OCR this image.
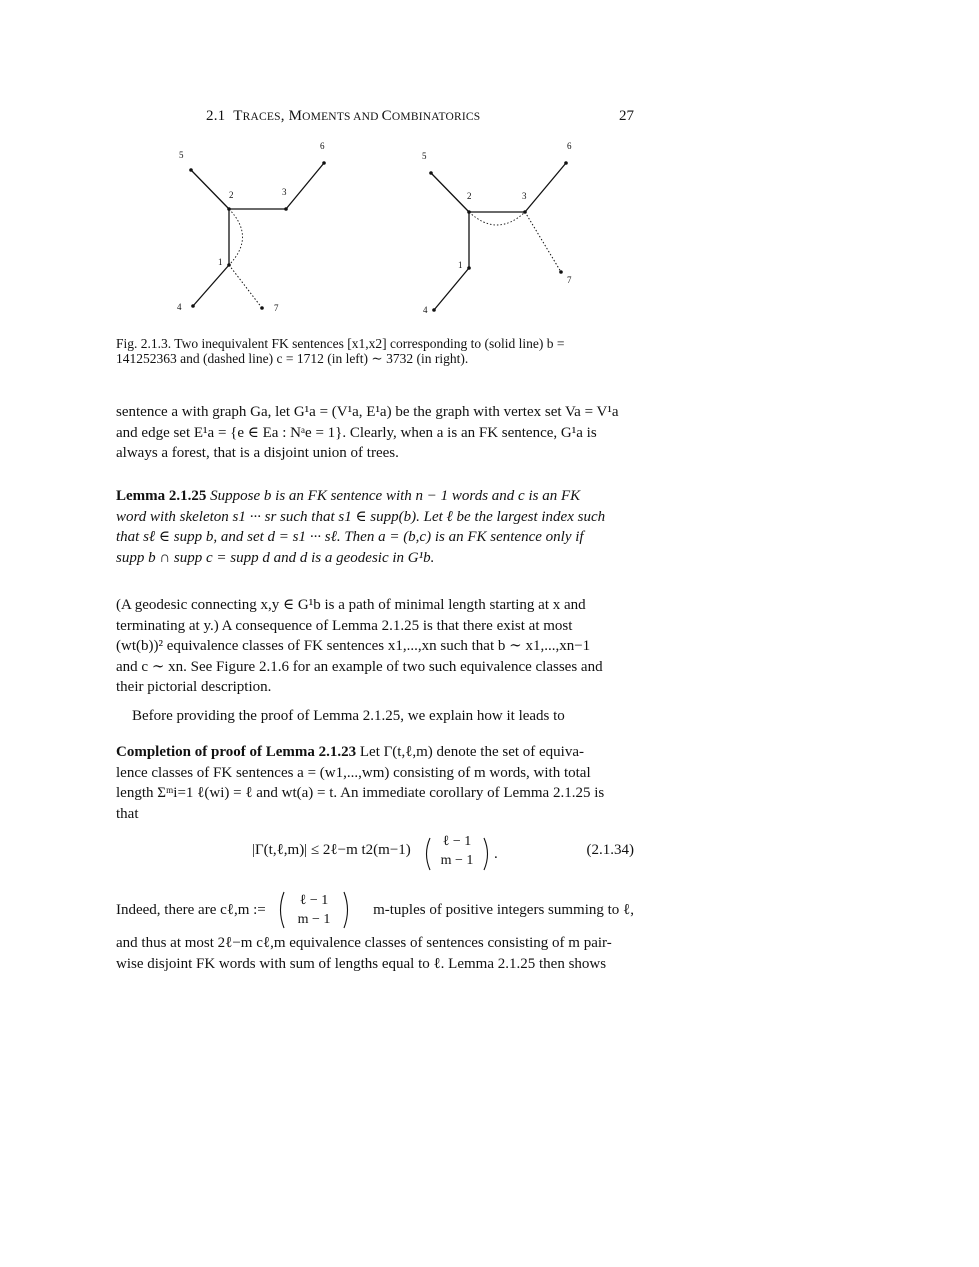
2.1 TRACES, MOMENTS AND COMBINATORICS	27
5
6
2	3
1
4	7
5
6
2	3
1
7
4
Fig. 2.1.3. Two inequivalent FK sentences [x1,x2] corresponding to (solid line) b =
141252363 and (dashed line) c = 1712 (in left) ∼ 3732 (in right).
sentence a with graph Ga, let G¹a = (V¹a, E¹a) be the graph with vertex set Va = V¹a
and edge set E¹a = {e ∈ Ea : Nᵃe = 1}. Clearly, when a is an FK sentence, G¹a is
always a forest, that is a disjoint union of trees.
Lemma 2.1.25 Suppose b is an FK sentence with n − 1 words and c is an FK
word with skeleton s1 ··· sr such that s1 ∈ supp(b). Let ℓ be the largest index such
that sℓ ∈ supp b, and set d = s1 ··· sℓ. Then a = (b,c) is an FK sentence only if
supp b ∩ supp c = supp d and d is a geodesic in G¹b.
(A geodesic connecting x,y ∈ G¹b is a path of minimal length starting at x and
terminating at y.) A consequence of Lemma 2.1.25 is that there exist at most
(wt(b))² equivalence classes of FK sentences x1,...,xn such that b ∼ x1,...,xn−1
and c ∼ xn. See Figure 2.1.6 for an example of two such equivalence classes and
their pictorial description.
Before providing the proof of Lemma 2.1.25, we explain how it leads to
Completion of proof of Lemma 2.1.23 Let Γ(t,ℓ,m) denote the set of equiva-
lence classes of FK sentences a = (w1,...,wm) consisting of m words, with total
length Σᵐi=1 ℓ(wi) = ℓ and wt(a) = t. An immediate corollary of Lemma 2.1.25 is
that
|Γ(t,ℓ,m)| ≤ 2ℓ−m t2(m−1)
ℓ − 1
m − 1	.	(2.1.34)
Indeed, there are cℓ,m :=
ℓ − 1
m − 1
m-tuples of positive integers summing to ℓ,
and thus at most 2ℓ−m cℓ,m equivalence classes of sentences consisting of m pair-
wise disjoint FK words with sum of lengths equal to ℓ. Lemma 2.1.25 then shows
